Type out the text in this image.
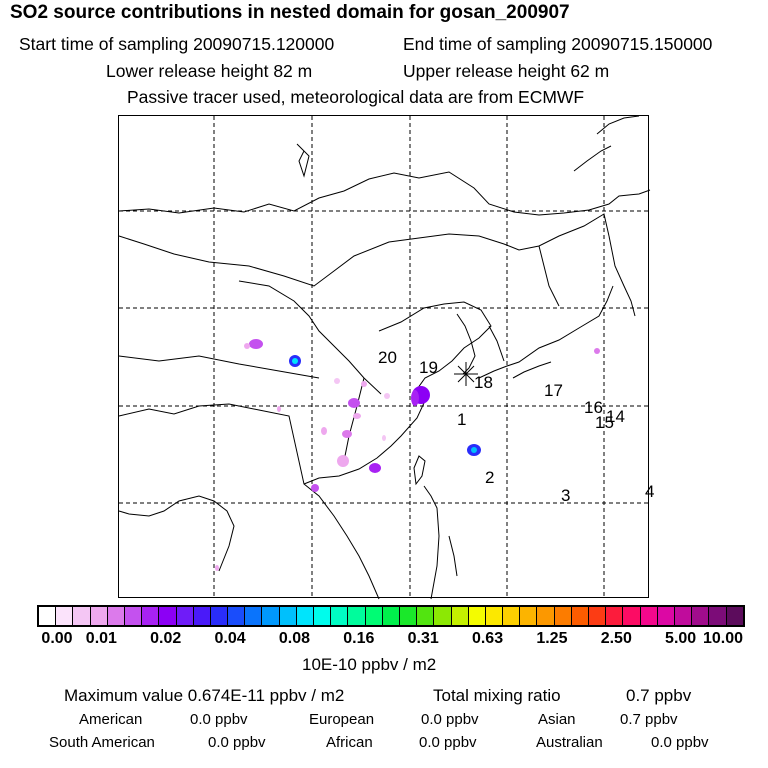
SO2 source contributions in nested domain for gosan_200907
Start time of sampling 20090715.120000	End time of sampling 20090715.150000
Lower release height 82 m	Upper release height 62 m
Passive tracer used, meteorological data are from ECMWF
1
2
3	4
14
15
16
17
18
19
20
0.00 0.01 0.02 0.04 0.08 0.16 0.31 0.63 1.25 2.50 5.00 10.00
10E-10 ppbv / m2
Maximum value 0.674E-11 ppbv / m2	Total mixing ratio	0.7 ppbv
American	0.0 ppbv	European	0.0 ppbv	Asian	0.7 ppbv
South American	0.0 ppbv	African	0.0 ppbv	Australian	0.0 ppbv
